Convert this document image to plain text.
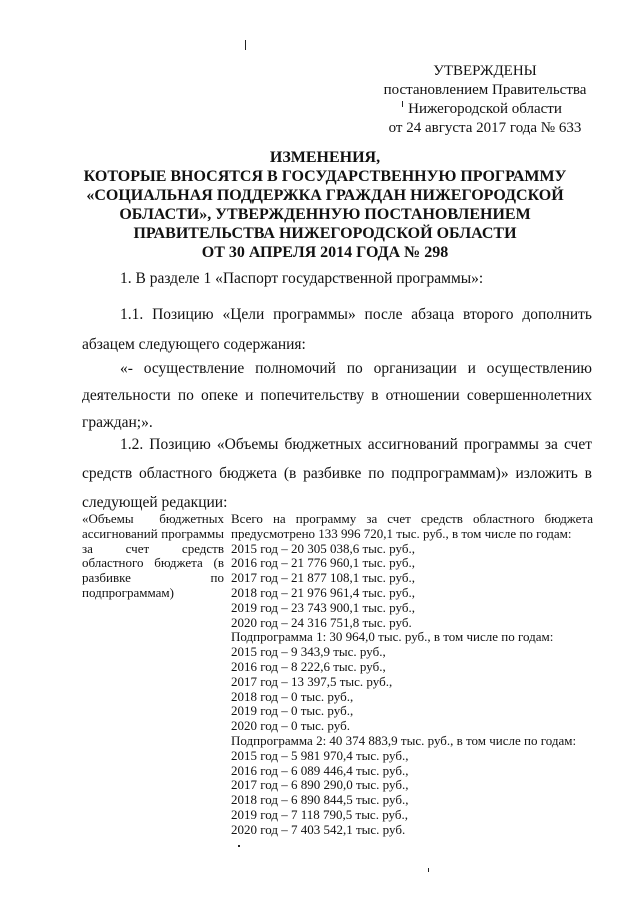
УТВЕРЖДЕНЫ
постановлением Правительства
Нижегородской области
от 24 августа 2017 года № 633
ИЗМЕНЕНИЯ,
КОТОРЫЕ ВНОСЯТСЯ В ГОСУДАРСТВЕННУЮ ПРОГРАММУ
«СОЦИАЛЬНАЯ ПОДДЕРЖКА ГРАЖДАН НИЖЕГОРОДСКОЙ
ОБЛАСТИ», УТВЕРЖДЕННУЮ ПОСТАНОВЛЕНИЕМ
ПРАВИТЕЛЬСТВА НИЖЕГОРОДСКОЙ ОБЛАСТИ
ОТ 30 АПРЕЛЯ 2014 ГОДА № 298
1. В разделе 1 «Паспорт государственной программы»:
1.1. Позицию «Цели программы» после абзаца второго дополнить абзацем следующего содержания:
«- осуществление полномочий по организации и осуществлению деятельности по опеке и попечительству в отношении совершеннолетних граждан;».
1.2. Позицию «Объемы бюджетных ассигнований программы за счет средств областного бюджета (в разбивке по подпрограммам)» изложить в следующей редакции:
«Объемы бюджетных ассигнований программы за счет средств областного бюджета (в разбивке по подпрограммам)
Всего на программу за счет средств областного бюджета предусмотрено 133 996 720,1 тыс. руб., в том числе по годам:
2015 год – 20 305 038,6 тыс. руб.,
2016 год – 21 776 960,1 тыс. руб.,
2017 год – 21 877 108,1 тыс. руб.,
2018 год – 21 976 961,4 тыс. руб.,
2019 год – 23 743 900,1 тыс. руб.,
2020 год – 24 316 751,8 тыс. руб.
Подпрограмма 1: 30 964,0 тыс. руб., в том числе по годам:
2015 год – 9 343,9 тыс. руб.,
2016 год – 8 222,6 тыс. руб.,
2017 год – 13 397,5 тыс. руб.,
2018 год – 0 тыс. руб.,
2019 год – 0 тыс. руб.,
2020 год – 0 тыс. руб.
Подпрограмма 2: 40 374 883,9 тыс. руб., в том числе по годам:
2015 год – 5 981 970,4 тыс. руб.,
2016 год – 6 089 446,4 тыс. руб.,
2017 год – 6 890 290,0 тыс. руб.,
2018 год – 6 890 844,5 тыс. руб.,
2019 год – 7 118 790,5 тыс. руб.,
2020 год – 7 403 542,1 тыс. руб.
